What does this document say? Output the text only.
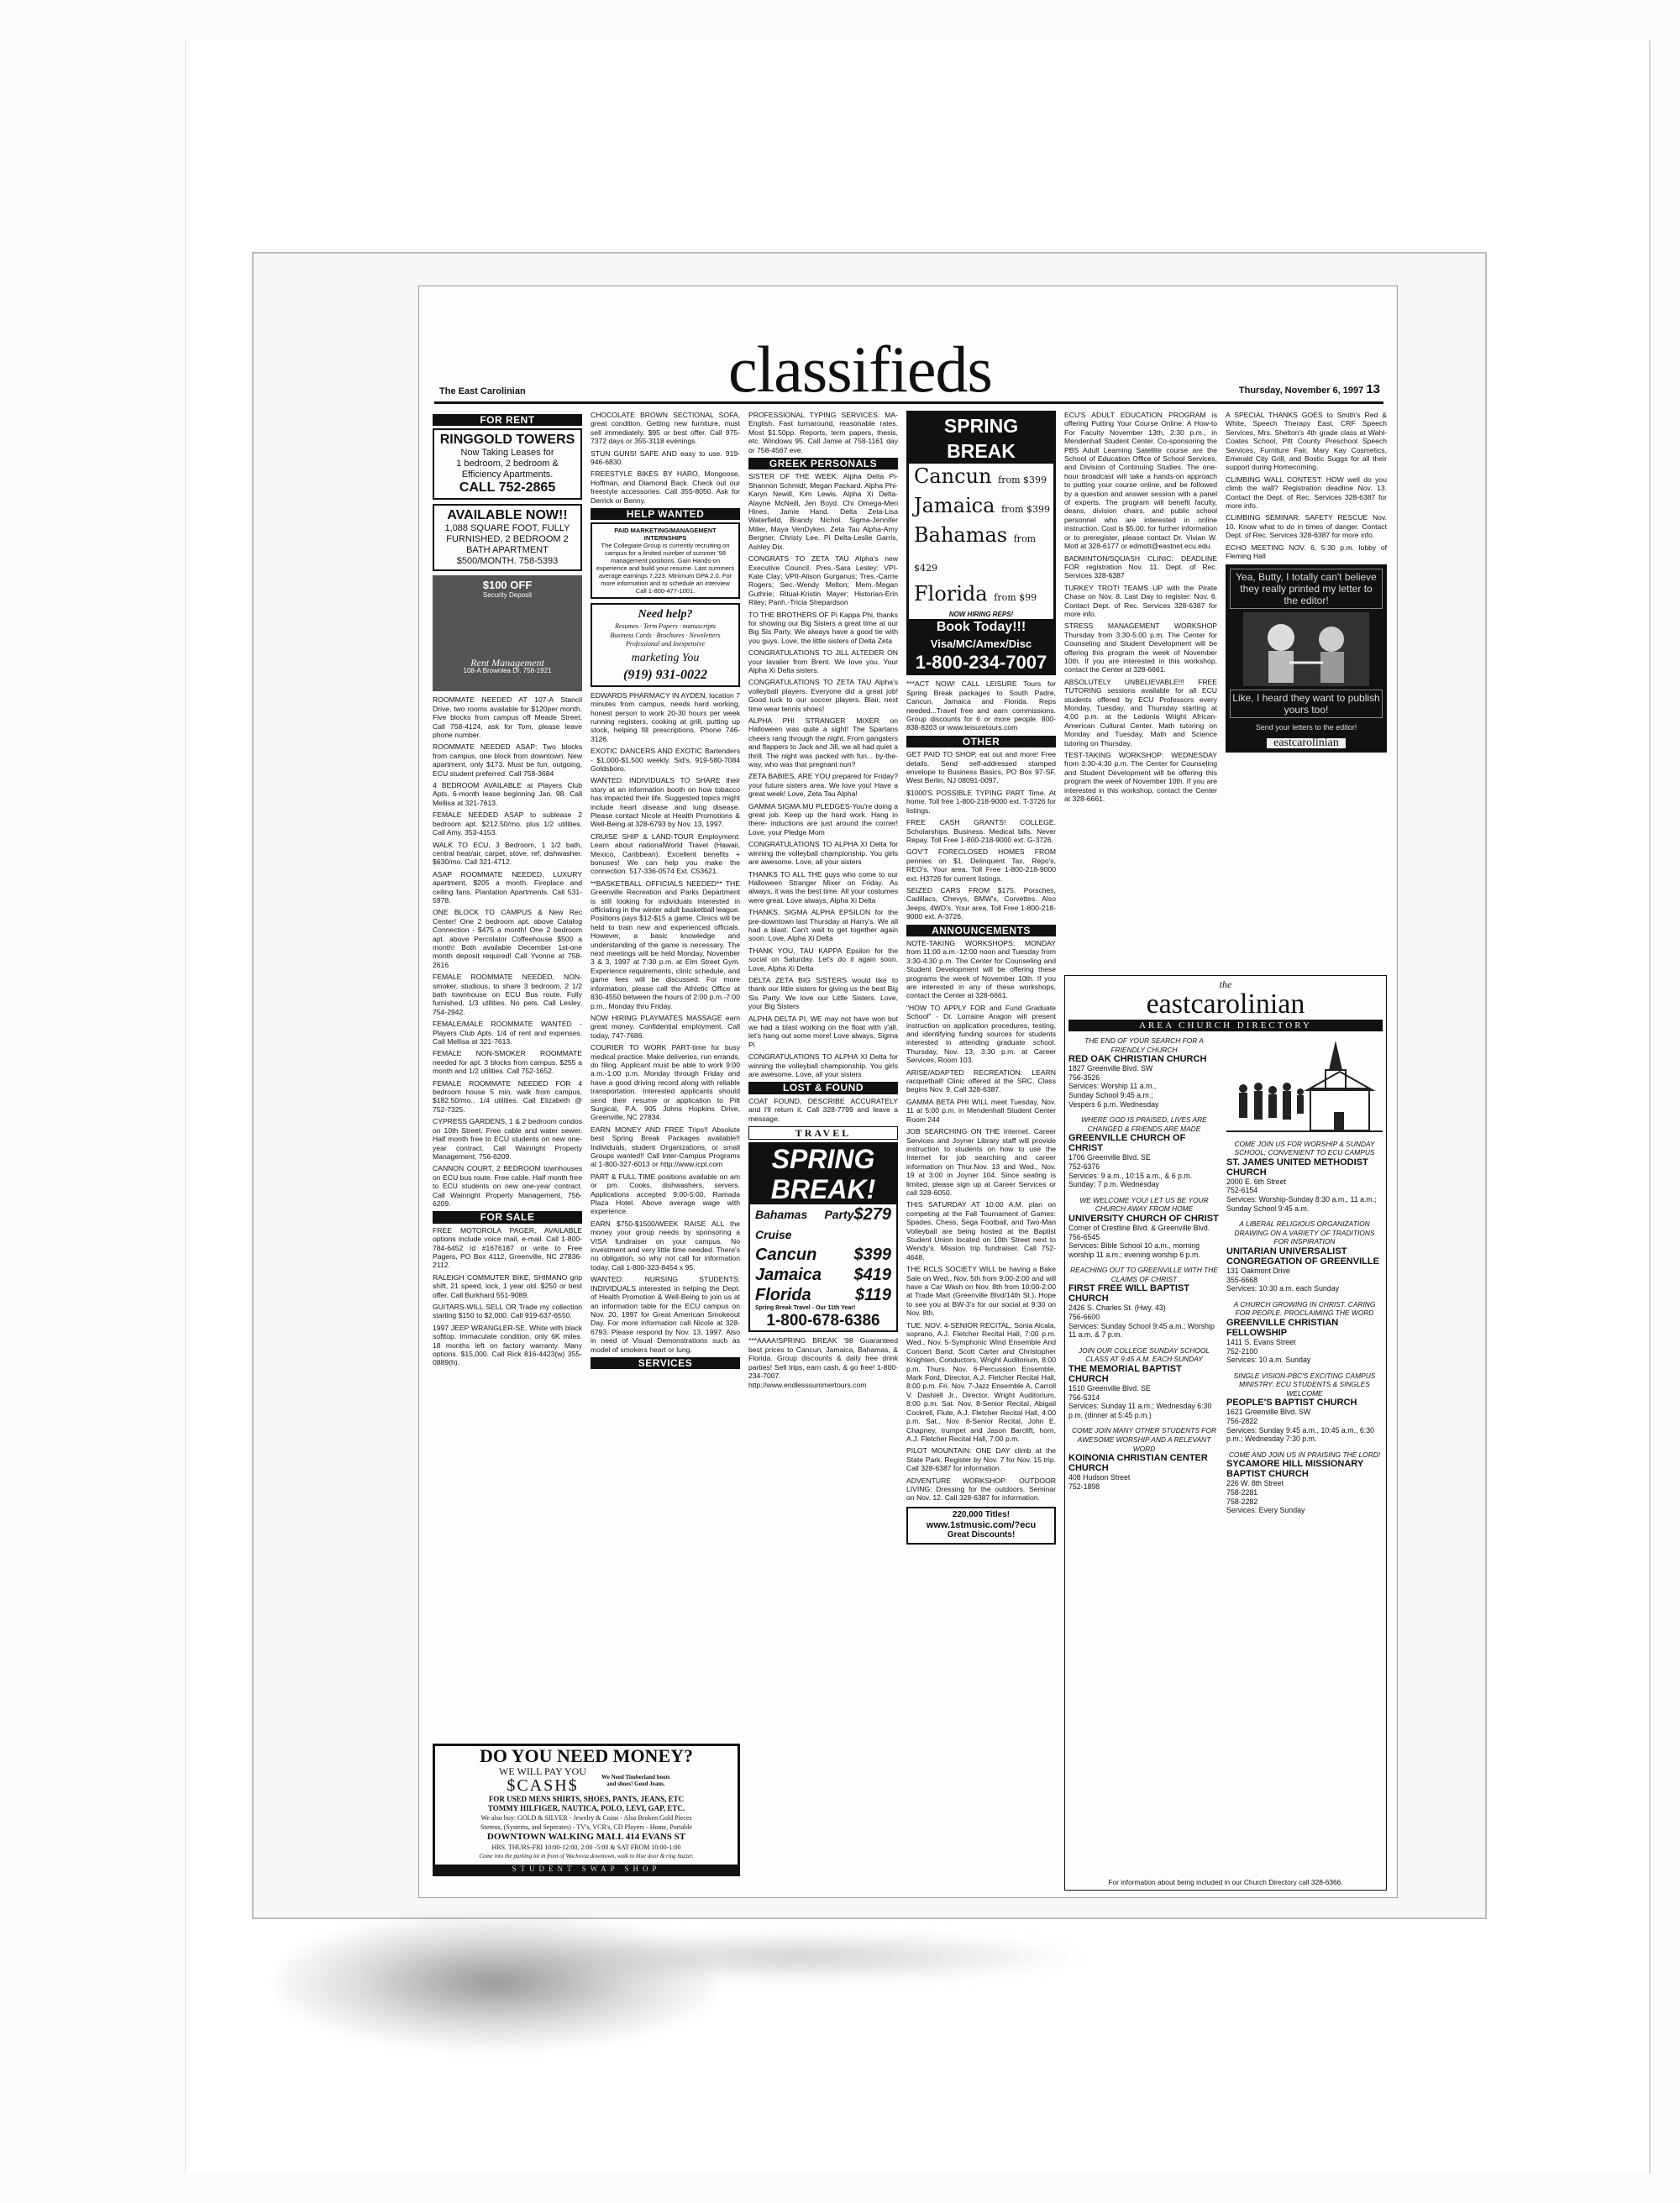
The East Carolinian	classifieds	Thursday, November 6, 1997 13
FOR RENT
RINGGOLD TOWERS
Now Taking Leases for
1 bedroom, 2 bedroom &
Efficiency Apartments.
CALL 752-2865
AVAILABLE NOW!!
1,088 SQUARE FOOT, FULLY
FURNISHED, 2 BEDROOM 2
BATH APARTMENT
$500/MONTH. 758-5393
$100 OFF
Security Deposit
Rent Management
108-A Brownlea Dr. 758-1921
ROOMMATE NEEDED AT 107-A Stancil Drive, two rooms available for $120per month. Five blocks from campus off Meade Street. Call 758-4124, ask for Tom, please leave phone number.
ROOMMATE NEEDED ASAP: Two blocks from campus, one block from downtown. New apartment, only $173. Must be fun, outgoing, ECU student preferred. Call 758-3684
4 BEDROOM AVAILABLE at Players Club Apts. 6-month lease beginning Jan. 98. Call Mellisa at 321-7613.
FEMALE NEEDED ASAP to sublease 2 bedroom apt. $212.50/mo. plus 1/2 utilities. Call Amy. 353-4153.
WALK TO ECU, 3 Bedroom, 1 1/2 bath, central heat/air, carpet, stove, ref, dishwasher. $630/mo. Call 321-4712.
ASAP ROOMMATE NEEDED, LUXURY apartment, $205 a month. Fireplace and ceiling fans. Plantation Apartments. Call 531-5978.
ONE BLOCK TO CAMPUS & New Rec Center! One 2 bedroom apt. above Catalog Connection - $475 a month! One 2 bedroom apt. above Percolator Coffeehouse $500 a month! Both available December 1st-one month deposit required! Call Yvonne at 758-2616
FEMALE ROOMMATE NEEDED, NON-smoker, studious, to share 3 bedroom, 2 1/2 bath townhouse on ECU Bus route. Fully furnished, 1/3 utilities. No pets. Call Lesley. 754-2942.
FEMALE/MALE ROOMMATE WANTED - Players Club Apts. 1/4 of rent and expenses. Call Mellisa at 321-7613.
FEMALE NON-SMOKER ROOMMATE needed for apt. 3 blocks from campus. $255 a month and 1/2 utilities. Call 752-1652.
FEMALE ROOMMATE NEEDED FOR 4 bedroom house 5 min. walk from campus. $182.50/mo., 1/4 utilities. Call Elizabeth @ 752-7325.
CYPRESS GARDENS, 1 & 2 bedroom condos on 10th Street. Free cable and water sewer. Half month free to ECU students on new one-year contract. Call Wainright Property Management, 756-6209.
CANNON COURT, 2 BEDROOM townhouses on ECU bus route. Free cable. Half month free to ECU students on new one-year contract. Call Wainright Property Management, 756-6209.
FOR SALE
FREE MOTOROLA PAGER, AVAILABLE options include voice mail, e-mail. Call 1-800-784-6452 Id #1676187 or write to Free Pagers, PO Box 4112, Greenville, NC 27836-2112.
RALEIGH COMMUTER BIKE, SHIMANO grip shift, 21 speed, lock, 1 year old. $250 or best offer. Call Burkhard 551-9089.
GUITARS-WILL SELL OR Trade my collection starting $150 to $2,000. Call 919-637-6550.
1997 JEEP WRANGLER-SE. White with black softtop. Immaculate condition, only 6K miles. 18 months left on factory warranty. Many options. $15,000. Call Rick 816-4423(w) 355-0889(h).
CHOCOLATE BROWN SECTIONAL SOFA, great condition. Getting new furniture, must sell immediately. $95 or best offer. Call 975-7372 days or 355-3118 evenings.
STUN GUNS! SAFE AND easy to use. 919-946-6830.
FREESTYLE BIKES BY HARO, Mongoose, Hoffman, and Diamond Back. Check out our freestyle accessories. Call 355-8050. Ask for Derrick or Benny.
HELP WANTED
PAID MARKETING/MANAGEMENT INTERNSHIPS
The Collegiate Group is currently recruiting on campus for a limited number of summer '98 management positions. Gain Hands-on experience and build your resume. Last summers average earnings 7,223. Minimum GPA 2.0. For more information and to schedule an interview Call 1-800-477-1001.
Need help?
Resumes · Term Papers · manuscripts
Business Cards · Brochures · Newsletters
Professional and Inexpensive
marketing You
(919) 931-0022
EDWARDS PHARMACY IN AYDEN, location 7 minutes from campus, needs hard working, honest person to work 20-30 hours per week running registers, cooking at grill, putting up stock, helping fill prescriptions. Phone 746-3126.
EXOTIC DANCERS AND EXOTIC Bartenders - $1,000-$1,500 weekly. Sid's, 919-580-7084 Goldsboro.
WANTED: INDIVIDUALS TO SHARE their story at an information booth on how tobacco has impacted their life. Suggested topics might include heart disease and lung disease. Please contact Nicole at Health Promotions & Well-Being at 328-6793 by Nov. 13, 1997.
CRUISE SHIP & LAND-TOUR Employment: Learn about nationalWorld Travel (Hawaii, Mexico, Caribbean). Excellent benefits + bonuses! We can help you make the connection. 517-336-0574 Ext. C53621.
**BASKETBALL OFFICIALS NEEDED** THE Greenville Recreation and Parks Department is still looking for individuals interested in officiating in the winter adult basketball league. Positions pays $12-$15 a game. Clinics will be held to train new and experienced officials. However, a basic knowledge and understanding of the game is necessary. The next meetings will be held Monday, November 3 & 3, 1997 at 7:30 p.m. at Elm Street Gym. Experience requirements, clinic schedule, and game fees will be discussed. For more information, please call the Athletic Office at 830-4550 between the hours of 2:00 p.m.-7:00 p.m., Monday thru Friday.
NOW HIRING PLAYMATES MASSAGE earn great money. Confidential employment. Call today, 747-7686.
COURIER TO WORK PART-time for busy medical practice. Make deliveries, run errands, do filing. Applicant must be able to work 9:00 a.m.-1:00 p.m. Monday through Friday and have a good driving record along with reliable transportation. Interested applicants should send their resume or application to Pitt Surgical, P.A. 905 Johns Hopkins Drive, Greenville, NC 27834.
EARN MONEY AND FREE Trips!! Absolute best Spring Break Packages available!! Individuals, student Organizations, or small Groups wanted!! Call Inter-Campus Programs at 1-800-327-6013 or http://www.icpt.com
PART & FULL TIME positions available on am or pm. Cooks, dishwashers, servers. Applications accepted 9:00-5:00, Ramada Plaza Hotel. Above average wage with experience.
EARN $750-$1500/WEEK RAISE ALL the money your group needs by sponsoring a VISA fundraiser on your campus. No investment and very little time needed. There's no obligation, so why not call for information today. Call 1-800-323-8454 x 95.
WANTED: NURSING STUDENTS: INDIVIDUALS interested in helping the Dept. of Health Promotion & Well-Being to join us at an information table for the ECU campus on Nov. 20, 1997 for Great American Smokeout Day. For more information call Nicole at 328-6793. Please respond by Nov. 13, 1997. Also in need of Visual Demonstrations such as model of smokers heart or lung.
SERVICES
DO YOU NEED MONEY?
WE WILL PAY YOU
$CASH$	We Need Timberland boots and shoes! Good Jeans.
FOR USED MENS SHIRTS, SHOES, PANTS, JEANS, ETC
TOMMY HILFIGER, NAUTICA, POLO, LEVI, GAP, ETC.
We also buy: GOLD & SILVER - Jewelry & Coins - Also Broken Gold Pieces
Stereos, (Systems, and Seperates) - TV's, VCR's, CD Players - Home, Portable
DOWNTOWN WALKING MALL 414 EVANS ST
HRS. THURS-FRI 10:00-12:00, 2:00 -5:00 & SAT FROM 10:00-1:00
Come into the parking lot in front of Wachovia downtown, walk to blue door & ring buzzer.
STUDENT SWAP SHOP
PROFESSIONAL TYPING SERVICES. MA-English. Fast turnaround, reasonable rates. Most $1.50pp. Reports, term papers, thesis, etc. Windows 95. Call Jamie at 758-1161 day or 758-4567 eve.
GREEK PERSONALS
SISTER OF THE WEEK: Alpha Delta Pi-Shannon Schmidt, Megan Packard. Alpha Phi-Karyn Newill, Kim Lewis. Alpha Xi Delta-Alayne McNeill, Jen Boyd. Chi Omega-Meri Hines, Jamie Hand. Delta Zeta-Lisa Waterfield, Brandy Nichol. Sigma-Jennifer Miller, Maya VenDyken. Zeta Tau Alpha-Amy Bergner, Christy Lee. Pi Delta-Leslie Garris, Ashley Dix.
CONGRATS TO ZETA TAU Alpha's new Executive Council. Pres.-Sara Lesley; VPI-Kate Clay; VPII-Alison Gurganus; Tres.-Carrie Rogers; Sec.-Wendy Melton; Mem.-Megan Guthrie; Ritual-Kristin Mayer; Historian-Erin Riley; Panh.-Tricia Shepardson
TO THE BROTHERS OF Pi Kappa Phi, thanks for showing our Big Sisters a great time at our Big Sis Party. We always have a good tie with you guys. Love, the little sisters of Delta Zeta
CONGRATULATIONS TO JILL ALTEDER ON your lavalier from Brent. We love you. Your Alpha Xi Delta sisters.
CONGRATULATIONS TO ZETA TAU Alpha's volleyball players. Everyone did a great job! Good luck to our soccer players. Blair, next time wear tennis shoes!
ALPHA PHI STRANGER MIXER on Halloween was quite a sight! The Spartans cheers rang through the night. From gangsters and flappers to Jack and Jill, we all had quiet a thrill. The night was packed with fun... by-the-way, who was that pregnant nun?
ZETA BABIES, ARE YOU prepared for Friday? your future sisters area. We love you! Have a great week! Love, Zeta Tau Alpha!
GAMMA SIGMA MU PLEDGES-You're doing a great job. Keep up the hard work. Hang in there- inductions are just around the corner! Love, your Pledge Mom
CONGRATULATIONS TO ALPHA XI Delta for winning the volleyball championship. You girls are awesome. Love, all your sisters
THANKS TO ALL THE guys who come to our Halloween Stranger Mixer on Friday. As always, it was the best time. All your costumes were great. Love always, Alpha Xi Delta
THANKS, SIGMA ALPHA EPSILON for the pre-downtown last Thursday at Harry's. We all had a blast. Can't wait to get together again soon. Love, Alpha Xi Delta
THANK YOU, TAU KAPPA Epsilon for the social on Saturday. Let's do it again soon. Love, Alpha Xi Delta
DELTA ZETA BIG SISTERS would like to thank our little sisters for giving us the best Big Sis Party. We love our Little Sisters. Love, your Big Sisters
ALPHA DELTA PI, WE may not have won but we had a blast working on the float with y'all. let's hang out some more! Love always, Sigma Pi
CONGRATULATIONS TO ALPHA XI Delta for winning the volleyball championship. You girls are awesome. Love, all your sisters
LOST & FOUND
COAT FOUND, DESCRIBE ACCURATELY and I'll return it. Call 328-7799 and leave a message.
TRAVEL
SPRING
BREAK!
Bahamas Party Cruise
$279
Cancun $399
Jamaica $419
Florida	$119
Spring Break Travel - Our 11th Year!
1-800-678-6386
***AAAA!SPRING BREAK '98 Guaranteed best prices to Cancun, Jamaica, Bahamas, & Florida. Group discounts & daily free drink parties! Sell trips, earn cash, & go free! 1-800-234-7007. http://www.endlesssummertours.com
SPRING BREAK
Cancun from $399
Jamaica from $399
Bahamas from $429
Florida from $99
NOW HIRING REPS!
Book Today!!!
Visa/MC/Amex/Disc
1-800-234-7007
***ACT NOW! CALL LEISURE Tours for Spring Break packages to South Padre, Cancun, Jamaica and Florida. Reps needed...Travel free and earn commissions. Group discounts for 6 or more people. 800-838-8203 or www.leisuretours.com
OTHER
GET PAID TO SHOP, eat out and more! Free details. Send self-addressed stamped envelope to Business Basics, PO Box 97-SF, West Berlin, NJ 08091-0097.
$1000'S POSSIBLE TYPING PART Time. At home. Toll free 1-800-218-9000 ext. T-3726 for listings.
FREE CASH GRANTS! COLLEGE. Scholarships. Business. Medical bills. Never Repay. Toll Free 1-800-218-9000 ext. G-3726.
GOV'T FORECLOSED HOMES FROM pennies on $1. Delinquent Tax, Repo's, REO's. Your area. Toll Free 1-800-218-9000 ext. H3726 for current listings.
SEIZED CARS FROM $175. Porsches, Cadillacs, Chevys, BMW's, Corvettes. Also Jeeps, 4WD's. Your area. Toll Free 1-800-218-9000 ext. A-3726.
ANNOUNCEMENTS
NOTE-TAKING WORKSHOPS: MONDAY from 11:00 a.m.-12:00 noon and Tuesday from 3:30-4:30 p.m. The Center for Counseling and Student Development will be offering these programs the week of November 10th. If you are interested in any of these workshops, contact the Center at 328-6661.
"HOW TO APPLY FOR and Fund Graduate School" - Dr. Lorraine Aragon will present instruction on application procedures, testing, and identifying funding sources for students interested in attending graduate school. Thursday, Nov. 13, 3:30 p.m. at Career Services, Room 103.
ARISE/ADAPTED RECREATION: LEARN racquetball! Clinic offered at the SRC. Class begins Nov. 9. Call 328-6387.
GAMMA BETA PHI WILL meet Tuesday, Nov. 11 at 5:00 p.m. in Mendenhall Student Center Room 244
JOB SEARCHING ON THE Internet. Career Services and Joyner Library staff will provide instruction to students on how to use the Internet for job searching and career information on Thur.Nov. 13 and Wed., Nov. 19 at 3:00 in Joyner 104. Since seating is limited, please sign up at Career Services or call 328-6050.
THIS SATURDAY AT 10:00 A.M. plan on competing at the Fall Tournament of Games: Spades, Chess, Sega Football, and Two-Man Volleyball are being hosted at the Baptist Student Union located on 10th Street next to Wendy's. Mission trip fundraiser. Call 752-4648.
THE RCLS SOCIETY WILL be having a Bake Sale on Wed., Nov. 5th from 9:00-2:00 and will have a Car Wash on Nov. 8th from 10:00-2:00 at Trade Mart (Greenville Blvd/14th St.). Hope to see you at BW-3's for our social at 9:30 on Nov. 8th.
TUE. NOV. 4-SENIOR RECITAL, Sonia Alcala, soprano, A.J. Fletcher Recital Hall, 7:00 p.m. Wed., Nov. 5-Symphonic Wind Ensemble And Concert Band; Scott Carter and Christopher Knighten, Conductors, Wright Auditorium, 8:00 p.m. Thurs. Nov. 6-Percussion Ensemble, Mark Ford, Director, A.J. Fletcher Recital Hall, 8:00 p.m. Fri. Nov. 7-Jazz Ensemble A, Carroll V. Dashiell Jr., Director, Wright Auditorium, 8:00 p.m. Sat. Nov. 8-Senior Recital, Abigail Cockrell, Flute, A.J. Fletcher Recital Hall, 4:00 p.m. Sat., Nov. 8-Senior Recital, John E. Chapney, trumpet and Jason Barclift, horn, A.J. Fletcher Recital Hall, 7:00 p.m.
PILOT MOUNTAIN: ONE DAY climb at the State Park. Register by Nov. 7 for Nov. 15 trip. Call 328-6387 for information.
ADVENTURE WORKSHOP: OUTDOOR LIVING: Dressing for the outdoors. Seminar on Nov. 12. Call 328-6387 for information.
220,000 Titles!
www.1stmusic.com/?ecu
Great Discounts!
ECU'S ADULT EDUCATION PROGRAM is offering Putting Your Course Online: A How-to For Faculty November 13th, 2:30 p.m., in Mendenhall Student Center. Co-sponsoring the PBS Adult Learning Satellite course are the School of Education Office of School Services, and Division of Continuing Studies. The one-hour broadcast will take a hands-on approach to putting your course online, and be followed by a question and answer session with a panel of experts. The program will benefit faculty, deans, division chairs, and public school personnel who are interested in online instruction. Cost is $5.00. for further information or to preregister, please contact Dr. Vivian W. Mott at 328-6177 or edmott@eastnet.ecu.edu.
BADMINTON/SQUASH CLINIC: DEADLINE FOR registration Nov. 11. Dept. of Rec. Services 328-6387
TURKEY TROT! TEAMS UP with the Pirate Chase on Nov. 8. Last Day to register: Nov. 6. Contact Dept. of Rec. Services 328-6387 for more info.
STRESS MANAGEMENT WORKSHOP Thursday from 3:30-5:00 p.m. The Center for Counseling and Student Development will be offering this program the week of November 10th. If you are interested in this workshop, contact the Center at 328-6661.
ABSOLUTELY UNBELIEVABLE!!! FREE TUTORING sessions available for all ECU students offered by ECU Professors every Monday, Tuesday, and Thursday starting at 4:00 p.m. at the Ledonia Wright African-American Cultural Center. Math tutoring on Monday and Tuesday, Math and Science tutoring on Thursday.
TEST-TAKING WORKSHOP: WEDNESDAY from 3:30-4:30 p.m. The Center for Counseling and Student Development will be offering this program the week of November 10th. If you are interested in this workshop, contact the Center at 328-6661.
A SPECIAL THANKS GOES to Smith's Red & White, Speech Therapy East, CRF Speech Services, Mrs. Shelton's 4th grade class at Wahl-Coates School, Pitt County Preschool Speech Services, Furniture Fair, Mary Kay Cosmetics, Emerald City Grill, and Bostic Suggs for all their support during Homecoming.
CLIMBING WALL CONTEST: HOW well do you climb the wall? Registration deadline Nov. 13. Contact the Dept. of Rec. Services 328-6387 for more info.
CLIMBING SEMINAR: SAFETY RESCUE Nov. 10. Know what to do in times of danger. Contact Dept. of Rec. Services 328-6387 for more info.
ECHO MEETING NOV. 6, 5:30 p.m. lobby of Fleming Hall
Yea, Butty, I totally can't believe they really printed my letter to the editor!
Like, I heard they want to publish yours too!
Send your letters to the editor!
eastcarolinian
the
eastcarolinian
AREA CHURCH DIRECTORY
THE END OF YOUR SEARCH FOR A FRIENDLY CHURCH
RED OAK CHRISTIAN CHURCH
1827 Greenville Blvd. SW
756-3526
Services: Worship 11 a.m.,
Sunday School 9:45 a.m.;
Vespers 6 p.m. Wednesday
WHERE GOD IS PRAISED, LIVES ARE CHANGED & FRIENDS ARE MADE
GREENVILLE CHURCH OF CHRIST
1706 Greenville Blvd. SE
752-6376
Services: 9 a.m., 10:15 a.m., & 6 p.m. Sunday; 7 p.m. Wednesday
WE WELCOME YOU! LET US BE YOUR CHURCH AWAY FROM HOME
UNIVERSITY CHURCH OF CHRIST
Corner of Crestline Blvd. & Greenville Blvd.
756-6545
Services: Bible School 10 a.m., morning worship 11 a.m.; evening worship 6 p.m.
REACHING OUT TO GREENVILLE WITH THE CLAIMS OF CHRIST
FIRST FREE WILL BAPTIST CHURCH
2426 S. Charles St. (Hwy. 43)
756-6600
Services: Sunday School 9:45 a.m.; Worship 11 a.m. & 7 p.m.
JOIN OUR COLLEGE SUNDAY SCHOOL CLASS AT 9:45 A.M. EACH SUNDAY
THE MEMORIAL BAPTIST CHURCH
1510 Greenville Blvd. SE
756-5314
Services: Sunday 11 a.m.; Wednesday 6:30 p.m. (dinner at 5:45 p.m.)
COME JOIN MANY OTHER STUDENTS FOR AWESOME WORSHIP AND A RELEVANT WORD
KOINONIA CHRISTIAN CENTER CHURCH
408 Hudson Street
752-1898
COME JOIN US FOR WORSHIP & SUNDAY SCHOOL; CONVENIENT TO ECU CAMPUS
ST. JAMES UNITED METHODIST CHURCH
2000 E. 6th Street
752-6154
Services: Worship-Sunday 8:30 a.m., 11 a.m.; Sunday School 9:45 a.m.
A LIBERAL RELIGIOUS ORGANIZATION DRAWING ON A VARIETY OF TRADITIONS FOR INSPIRATION
UNITARIAN UNIVERSALIST CONGREGATION OF GREENVILLE
131 Oakmont Drive
355-6668
Services: 10:30 a.m. each Sunday
A CHURCH GROWING IN CHRIST. CARING FOR PEOPLE. PROCLAIMING THE WORD
GREENVILLE CHRISTIAN FELLOWSHIP
1411 S. Evans Street
752-2100
Services: 10 a.m. Sunday
SINGLE VISION-PBC'S EXCITING CAMPUS MINISTRY: ECU STUDENTS & SINGLES WELCOME
PEOPLE'S BAPTIST CHURCH
1621 Greenville Blvd. SW
756-2822
Services: Sunday 9:45 a.m., 10:45 a.m., 6:30 p.m.; Wednesday 7:30 p.m.
COME AND JOIN US IN PRAISING THE LORD!
SYCAMORE HILL MISSIONARY BAPTIST CHURCH
226 W. 8th Street
758-2281
758-2282
Services: Every Sunday
For information about being included in our Church Directory call 328-6366.
